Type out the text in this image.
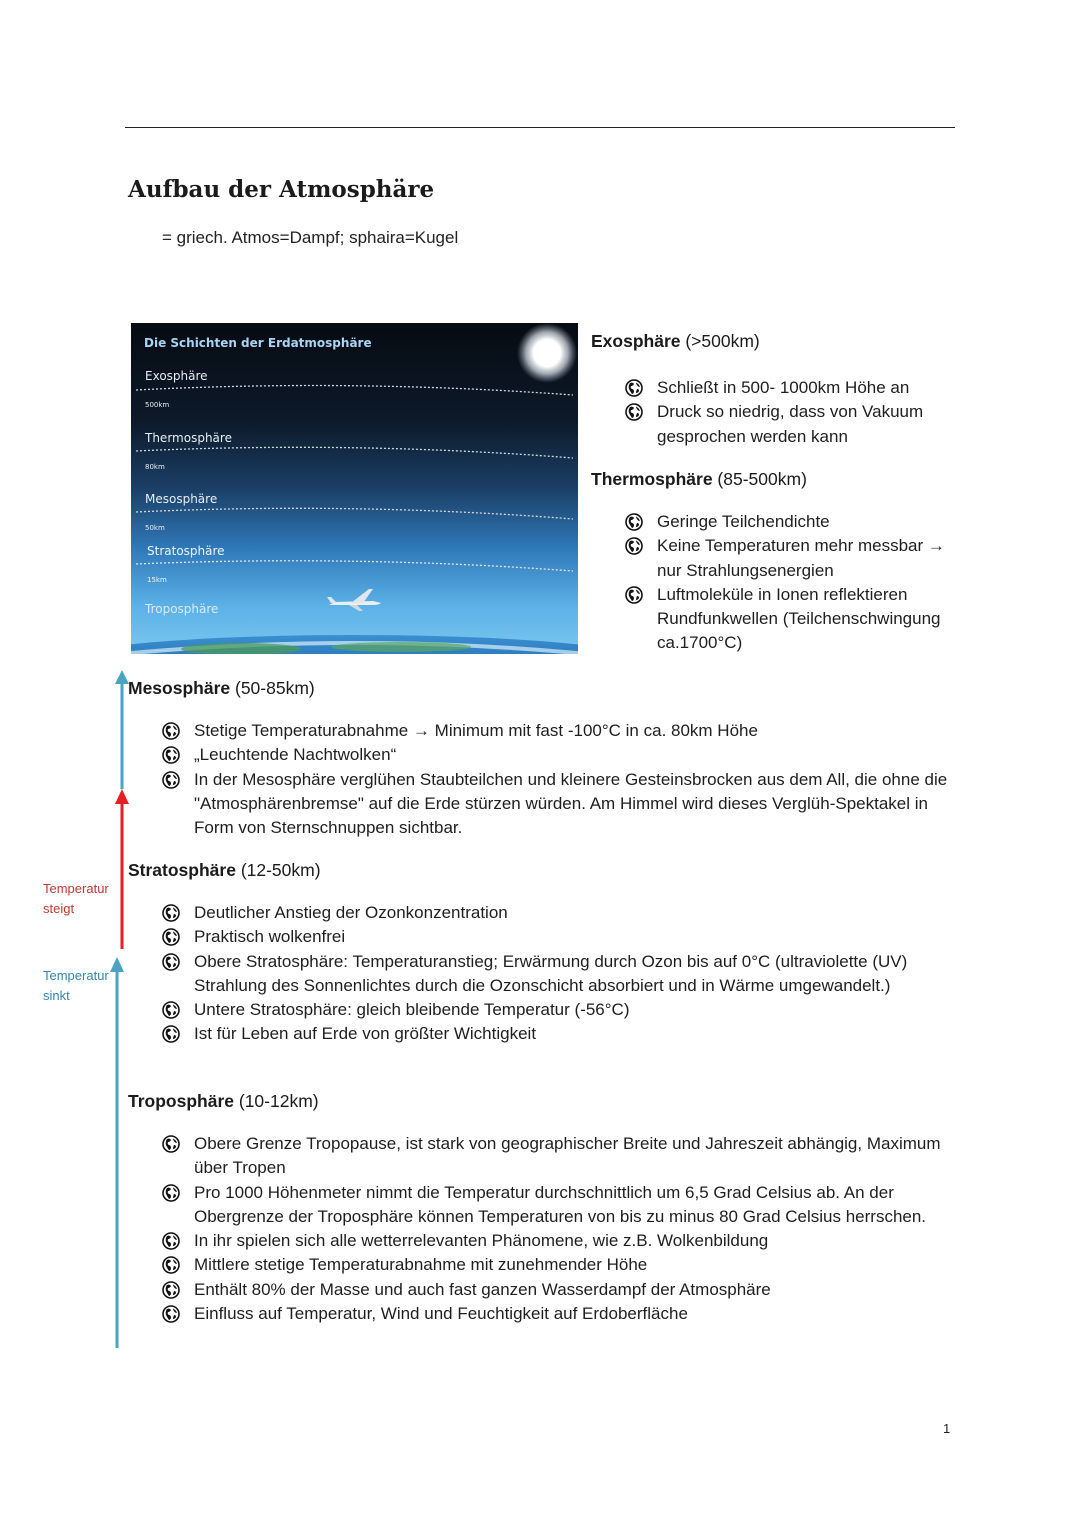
Aufbau der Atmosphäre
= griech. Atmos=Dampf; sphaira=Kugel
Die Schichten der Erdatmosphäre
Exosphäre
500km
Thermosphäre
80km
Mesosphäre
50km
Stratosphäre
15km
Troposphäre
Exosphäre (>500km)
Schließt in 500- 1000km Höhe an
Druck so niedrig, dass von Vakuum gesprochen werden kann
Thermosphäre (85-500km)
Geringe Teilchendichte
Keine Temperaturen mehr messbar → nur Strahlungsenergien
Luftmoleküle in Ionen reflektieren Rundfunkwellen (Teilchenschwingung ca.1700°C)
Mesosphäre (50-85km)
Stetige Temperaturabnahme → Minimum mit fast -100°C in ca. 80km Höhe
„Leuchtende Nachtwolken“
In der Mesosphäre verglühen Staubteilchen und kleinere Gesteinsbrocken aus dem All, die ohne die "Atmosphärenbremse" auf die Erde stürzen würden. Am Himmel wird dieses Verglüh-Spektakel in Form von Sternschnuppen sichtbar.
Stratosphäre (12-50km)
Deutlicher Anstieg der Ozonkonzentration
Praktisch wolkenfrei
Obere Stratosphäre: Temperaturanstieg; Erwärmung durch Ozon bis auf 0°C (ultraviolette (UV) Strahlung des Sonnenlichtes durch die Ozonschicht absorbiert und in Wärme umgewandelt.)
Untere Stratosphäre: gleich bleibende Temperatur (-56°C)
Ist für Leben auf Erde von größter Wichtigkeit
Troposphäre (10-12km)
Obere Grenze Tropopause, ist stark von geographischer Breite und Jahreszeit abhängig, Maximum über Tropen
Pro 1000 Höhenmeter nimmt die Temperatur durchschnittlich um 6,5 Grad Celsius ab. An der Obergrenze der Troposphäre können Temperaturen von bis zu minus 80 Grad Celsius herrschen.
In ihr spielen sich alle wetterrelevanten Phänomene, wie z.B. Wolkenbildung
Mittlere stetige Temperaturabnahme mit zunehmender Höhe
Enthält 80% der Masse und auch fast ganzen Wasserdampf der Atmosphäre
Einfluss auf Temperatur, Wind und Feuchtigkeit auf Erdoberfläche
Temperatur
steigt
Temperatur
sinkt
1
